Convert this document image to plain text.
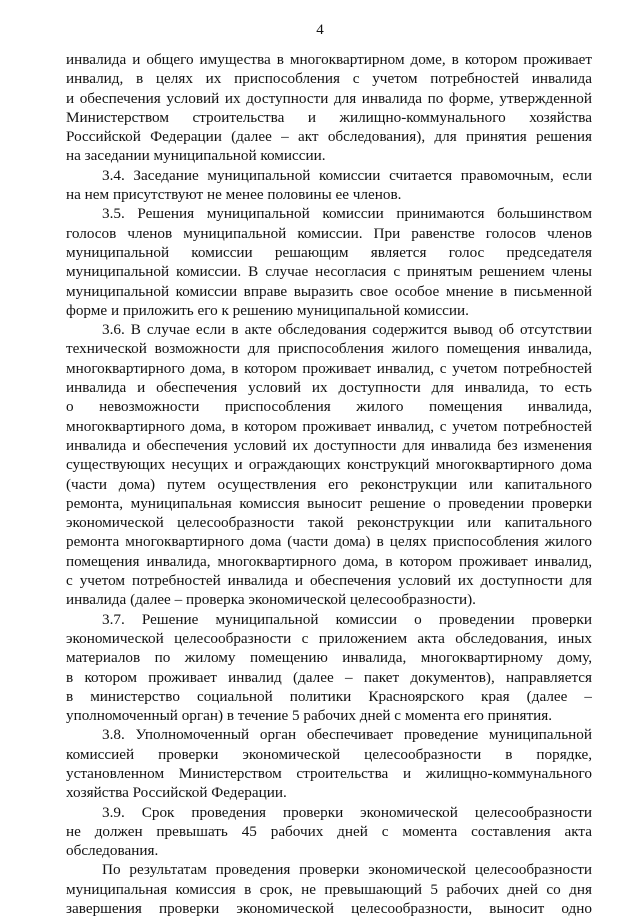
4
инвалида и общего имущества в многоквартирном доме, в котором проживает
инвалид, в целях их приспособления с учетом потребностей инвалида
и обеспечения условий их доступности для инвалида по форме, утвержденной
Министерством строительства и жилищно-коммунального хозяйства
Российской Федерации (далее – акт обследования), для принятия решения
на заседании муниципальной комиссии.
3.4. Заседание муниципальной комиссии считается правомочным, если
на нем присутствуют не менее половины ее членов.
3.5. Решения муниципальной комиссии принимаются большинством
голосов членов муниципальной комиссии. При равенстве голосов членов
муниципальной комиссии решающим является голос председателя
муниципальной комиссии. В случае несогласия с принятым решением члены
муниципальной комиссии вправе выразить свое особое мнение в письменной
форме и приложить его к решению муниципальной комиссии.
3.6. В случае если в акте обследования содержится вывод об отсутствии
технической возможности для приспособления жилого помещения инвалида,
многоквартирного дома, в котором проживает инвалид, с учетом потребностей
инвалида и обеспечения условий их доступности для инвалида, то есть
о невозможности приспособления жилого помещения инвалида,
многоквартирного дома, в котором проживает инвалид, с учетом потребностей
инвалида и обеспечения условий их доступности для инвалида без изменения
существующих несущих и ограждающих конструкций многоквартирного дома
(части дома) путем осуществления его реконструкции или капитального
ремонта, муниципальная комиссия выносит решение о проведении проверки
экономической целесообразности такой реконструкции или капитального
ремонта многоквартирного дома (части дома) в целях приспособления жилого
помещения инвалида, многоквартирного дома, в котором проживает инвалид,
с учетом потребностей инвалида и обеспечения условий их доступности для
инвалида (далее – проверка экономической целесообразности).
3.7. Решение муниципальной комиссии о проведении проверки
экономической целесообразности с приложением акта обследования, иных
материалов по жилому помещению инвалида, многоквартирному дому,
в котором проживает инвалид (далее – пакет документов), направляется
в министерство социальной политики Красноярского края (далее –
уполномоченный орган) в течение 5 рабочих дней с момента его принятия.
3.8. Уполномоченный орган обеспечивает проведение муниципальной
комиссией проверки экономической целесообразности в порядке,
установленном Министерством строительства и жилищно-коммунального
хозяйства Российской Федерации.
3.9. Срок проведения проверки экономической целесообразности
не должен превышать 45 рабочих дней с момента составления акта
обследования.
По результатам проведения проверки экономической целесообразности
муниципальная комиссия в срок, не превышающий 5 рабочих дней со дня
завершения проверки экономической целесообразности, выносит одно
